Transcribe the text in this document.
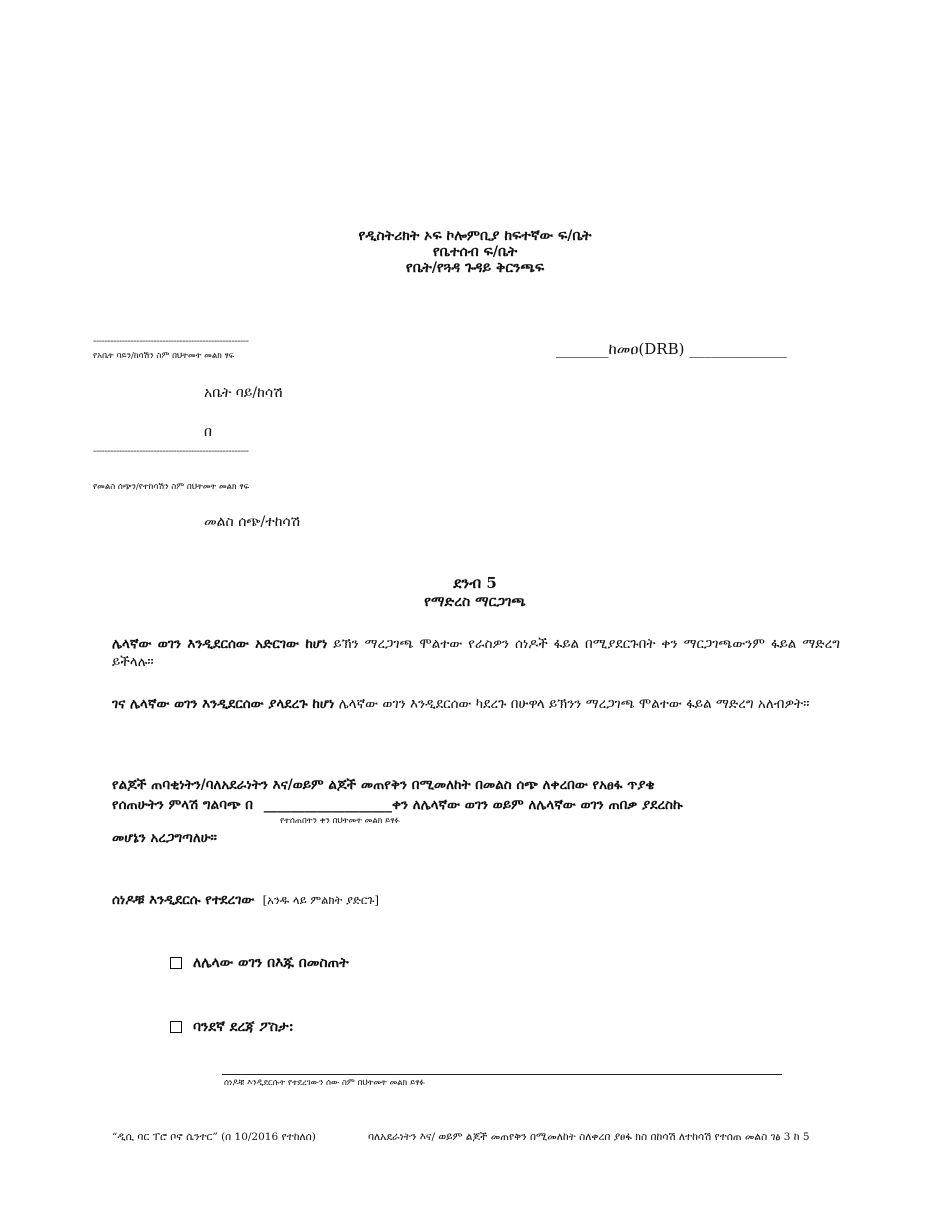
የዲስትሪክት ኦፍ ኮሎምቢያ ከፍተኛው ፍ/ቤት
የቤተሰብ ፍ/ቤት
የቤት/የጓዳ ጉዳይ ቅርንጫፍ
------------------------------------------------------
የአቤት ባይን/ከሳሽን ስም በህትመት መልክ ፃፍ
አቤት ባይ/ከሳሽ
በ
------------------------------------------------------
የመልስ ሰጭን/የተከሳሽን ስም በህትመት መልክ ፃፍ
መልስ ሰጭ/ተከሳሽ
_______ከመዐ(DRB) _____________
ደንብ 5
የማድረስ ማርጋገጫ
ሌላኛው ወገን እንዲደርሰው አድርገው ከሆነ ይኽን ማረጋገጫ ሞልተው የራስዎን ሰነዶች ፋይል በሚያደርጉበት ቀን ማርጋገጫውንም ፋይል ማድረግ ይችላሉ።
ገና ሌላኛው ወገን እንዲደርሰው ያላደረጉ ከሆነ ሌላኛው ወገን እንዲደርሰው ካደረጉ በሁዋላ ይኽንን ማረጋገጫ ሞልተው ፋይል ማድረግ አለብዎት።
የልጆች ጠባቂነትን/ባለአደራነትን እና/ወይም ልጆች መጠየቅን በሚመለከት በመልስ ሰጭ ለቀረበው የአፀፋ ጥያቄ
የሰጠሁትን ምላሽ ግልባጭ በ ___________________ቀን ለሌላኛው ወገን ወይም ለሌላኛው ወገን ጠበቃ ያደረስኩ
የተሰጠበትን ቀን በህትመት መልክ ይፃፉ
መሆኔን አረጋግጣለሁ።
ሰነዶቹ እንዲደርሱ የተደረገው [አንዱ ላይ ምልክት ያድርጉ]
ለሌላው ወገን በእጁ በመስጠት
ባንደኛ ደረጃ ፖስታ:
ሰነዶቹ እንዲደርሱት የተደረገውን ሰው ስም በህትመት መልክ ይፃፉ
“ዲሲ ባር ፐሮ ቦኖ ሴንተር” (በ 10/2016 የተከለሰ)	ባለአደራነትን እና/ ወይም ልጆች መጠየቅን በሚመለከት ስለቀረበ ያፀፋ ክስ በከሳሽ ለተከሳሽ የተሰጠ መልስ ገፅ 3 ከ 5
